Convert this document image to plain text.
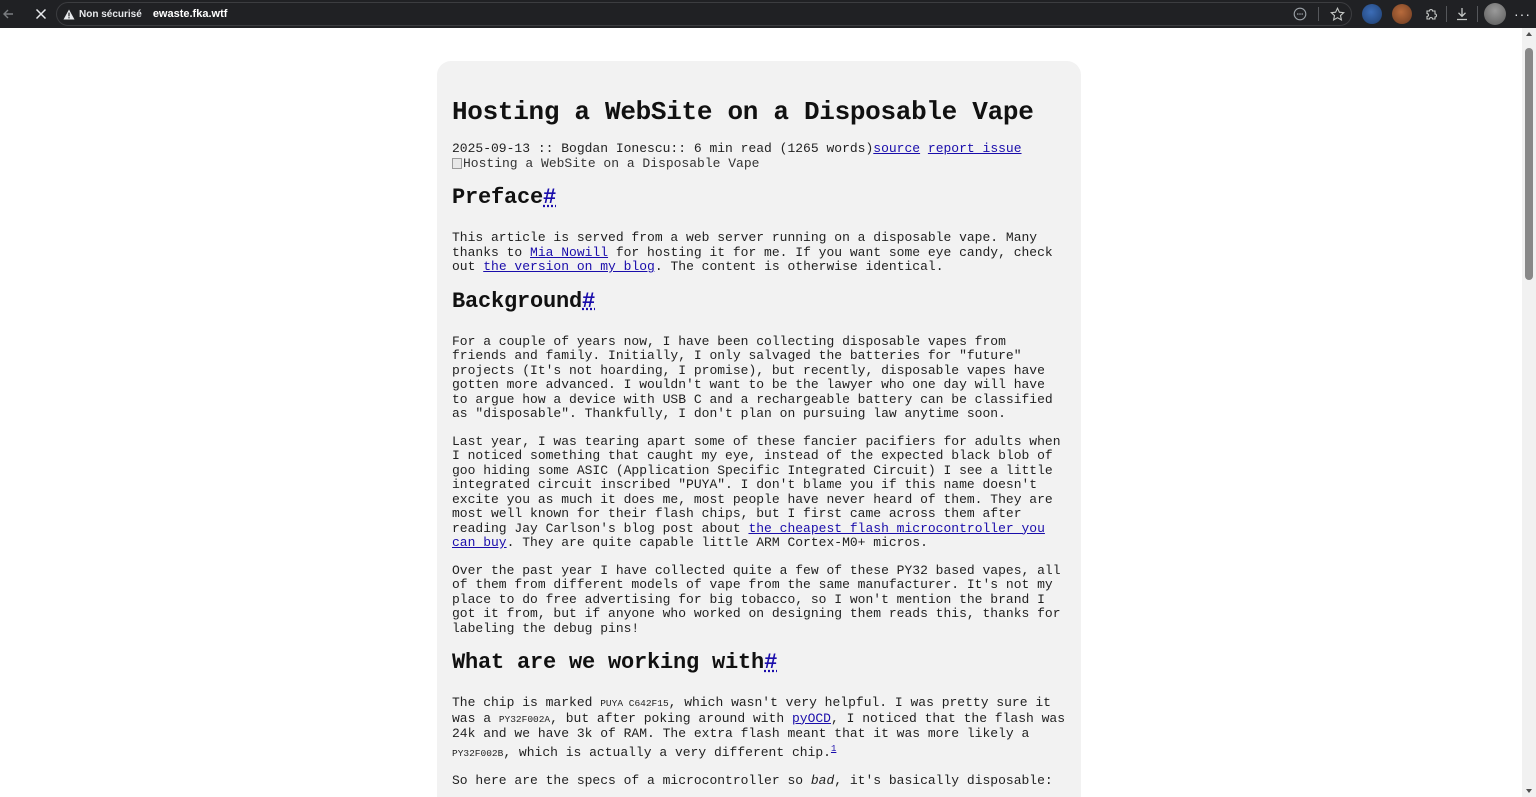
Non sécurisé ewaste.fka.wtf	···
Hosting a WebSite on a Disposable Vape
2025-09-13 :: Bogdan Ionescu:: 6 min read (1265 words)source report issue
Hosting a WebSite on a Disposable Vape
Preface#

This article is served from a web server running on a disposable vape. Many thanks to Mia Nowill for hosting it for me. If you want some eye candy, check out the version on my blog. The content is otherwise identical.

Background#

For a couple of years now, I have been collecting disposable vapes from friends and family. Initially, I only salvaged the batteries for "future" projects (It's not hoarding, I promise), but recently, disposable vapes have gotten more advanced. I wouldn't want to be the lawyer who one day will have to argue how a device with USB C and a rechargeable battery can be classified as "disposable". Thankfully, I don't plan on pursuing law anytime soon.

Last year, I was tearing apart some of these fancier pacifiers for adults when I noticed something that caught my eye, instead of the expected black blob of goo hiding some ASIC (Application Specific Integrated Circuit) I see a little integrated circuit inscribed "PUYA". I don't blame you if this name doesn't excite you as much it does me, most people have never heard of them. They are most well known for their flash chips, but I first came across them after reading Jay Carlson's blog post about the cheapest flash microcontroller you can buy. They are quite capable little ARM Cortex-M0+ micros.

Over the past year I have collected quite a few of these PY32 based vapes, all of them from different models of vape from the same manufacturer. It's not my place to do free advertising for big tobacco, so I won't mention the brand I got it from, but if anyone who worked on designing them reads this, thanks for labeling the debug pins!

What are we working with#

The chip is marked PUYA C642F15, which wasn't very helpful. I was pretty sure it was a PY32F002A, but after poking around with pyOCD, I noticed that the flash was 24k and we have 3k of RAM. The extra flash meant that it was more likely a PY32F002B, which is actually a very different chip.$^1$

So here are the specs of a microcontroller so bad, it's basically disposable:
